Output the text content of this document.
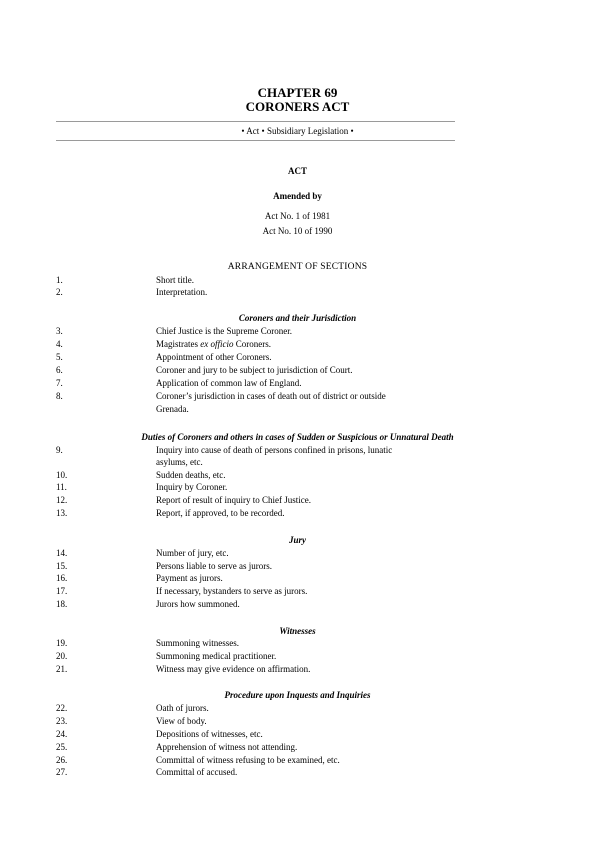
CHAPTER 69
CORONERS ACT
• Act • Subsidiary Legislation •
ACT
Amended by
Act No. 1 of 1981
Act No. 10 of 1990
ARRANGEMENT OF SECTIONS
1.	Short title.
2.	Interpretation.
Coroners and their Jurisdiction
3.	Chief Justice is the Supreme Coroner.
4.	Magistrates ex officio Coroners.
5.	Appointment of other Coroners.
6.	Coroner and jury to be subject to jurisdiction of Court.
7.	Application of common law of England.
8.	Coroner’s jurisdiction in cases of death out of district or outside
Grenada.
Duties of Coroners and others in cases of Sudden or Suspicious or Unnatural Death
9.	Inquiry into cause of death of persons confined in prisons, lunatic
asylums, etc.
10.	Sudden deaths, etc.
11.	Inquiry by Coroner.
12.	Report of result of inquiry to Chief Justice.
13.	Report, if approved, to be recorded.
Jury
14.	Number of jury, etc.
15.	Persons liable to serve as jurors.
16.	Payment as jurors.
17.	If necessary, bystanders to serve as jurors.
18.	Jurors how summoned.
Witnesses
19.	Summoning witnesses.
20.	Summoning medical practitioner.
21.	Witness may give evidence on affirmation.
Procedure upon Inquests and Inquiries
22.	Oath of jurors.
23.	View of body.
24.	Depositions of witnesses, etc.
25.	Apprehension of witness not attending.
26.	Committal of witness refusing to be examined, etc.
27.	Committal of accused.
